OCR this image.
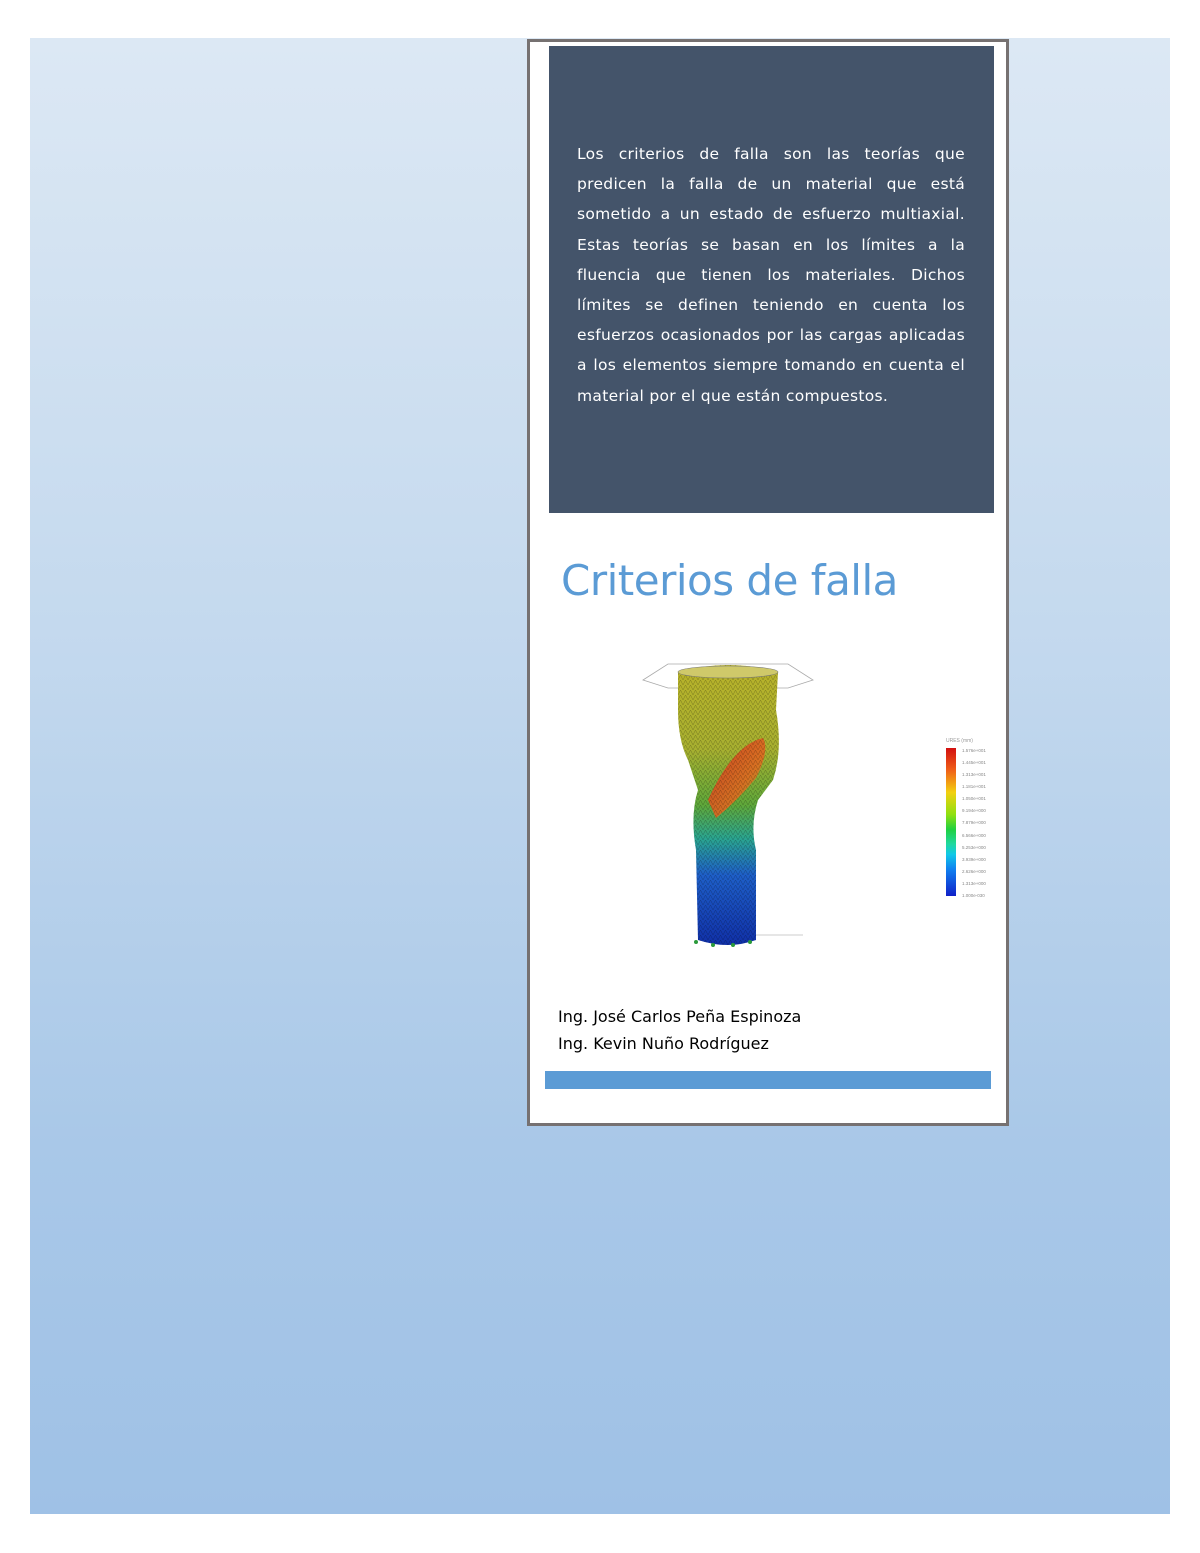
Los criterios de falla son las teorías que predicen la falla de un material que está sometido a un estado de esfuerzo multiaxial. Estas teorías se basan en los límites a la fluencia que tienen los materiales. Dichos límites se definen teniendo en cuenta los esfuerzos ocasionados por las cargas aplicadas a los elementos siempre tomando en cuenta el material por el que están compuestos.

Criterios de falla
URES (mm)
1.576e+001
1.445e+001
1.313e+001
1.181e+001
1.050e+001
9.194e+000
7.879e+000
6.566e+000
5.253e+000
3.939e+000
2.626e+000
1.313e+000
1.000e-030
Ing. José Carlos Peña Espinoza
Ing. Kevin Nuño Rodríguez
